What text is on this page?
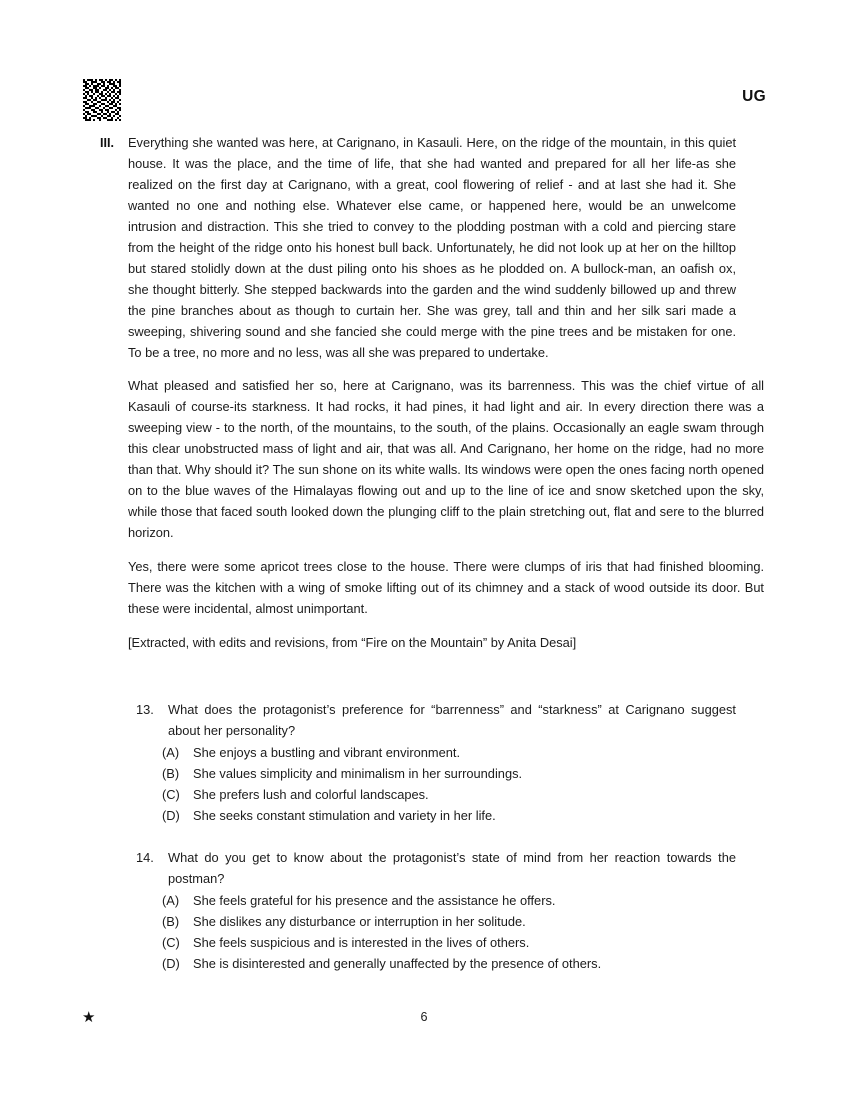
UG
III.	Everything she wanted was here, at Carignano, in Kasauli. Here, on the ridge of the mountain, in this quiet house. It was the place, and the time of life, that she had wanted and prepared for all her life-as she realized on the first day at Carignano, with a great, cool flowering of relief - and at last she had it. She wanted no one and nothing else. Whatever else came, or happened here, would be an unwelcome intrusion and distraction. This she tried to convey to the plodding postman with a cold and piercing stare from the height of the ridge onto his honest bull back. Unfortunately, he did not look up at her on the hilltop but stared stolidly down at the dust piling onto his shoes as he plodded on. A bullock-man, an oafish ox, she thought bitterly. She stepped backwards into the garden and the wind suddenly billowed up and threw the pine branches about as though to curtain her. She was grey, tall and thin and her silk sari made a sweeping, shivering sound and she fancied she could merge with the pine trees and be mistaken for one. To be a tree, no more and no less, was all she was prepared to undertake.

What pleased and satisfied her so, here at Carignano, was its barrenness. This was the chief virtue of all Kasauli of course-its starkness. It had rocks, it had pines, it had light and air. In every direction there was a sweeping view - to the north, of the mountains, to the south, of the plains. Occasionally an eagle swam through this clear unobstructed mass of light and air, that was all. And Carignano, her home on the ridge, had no more than that. Why should it? The sun shone on its white walls. Its windows were open the ones facing north opened on to the blue waves of the Himalayas flowing out and up to the line of ice and snow sketched upon the sky, while those that faced south looked down the plunging cliff to the plain stretching out, flat and sere to the blurred horizon.

Yes, there were some apricot trees close to the house. There were clumps of iris that had finished blooming. There was the kitchen with a wing of smoke lifting out of its chimney and a stack of wood outside its door. But these were incidental, almost unimportant.

[Extracted, with edits and revisions, from “Fire on the Mountain” by Anita Desai]

13.	What does the protagonist’s preference for “barrenness” and “starkness” at Carignano suggest about her personality?
(A)	She enjoys a bustling and vibrant environment.
(B)	She values simplicity and minimalism in her surroundings.
(C)	She prefers lush and colorful landscapes.
(D)	She seeks constant stimulation and variety in her life.
14.	What do you get to know about the protagonist’s state of mind from her reaction towards the postman?
(A)	She feels grateful for his presence and the assistance he offers.
(B)	She dislikes any disturbance or interruption in her solitude.
(C)	She feels suspicious and is interested in the lives of others.
(D)	She is disinterested and generally unaffected by the presence of others.
★	6
